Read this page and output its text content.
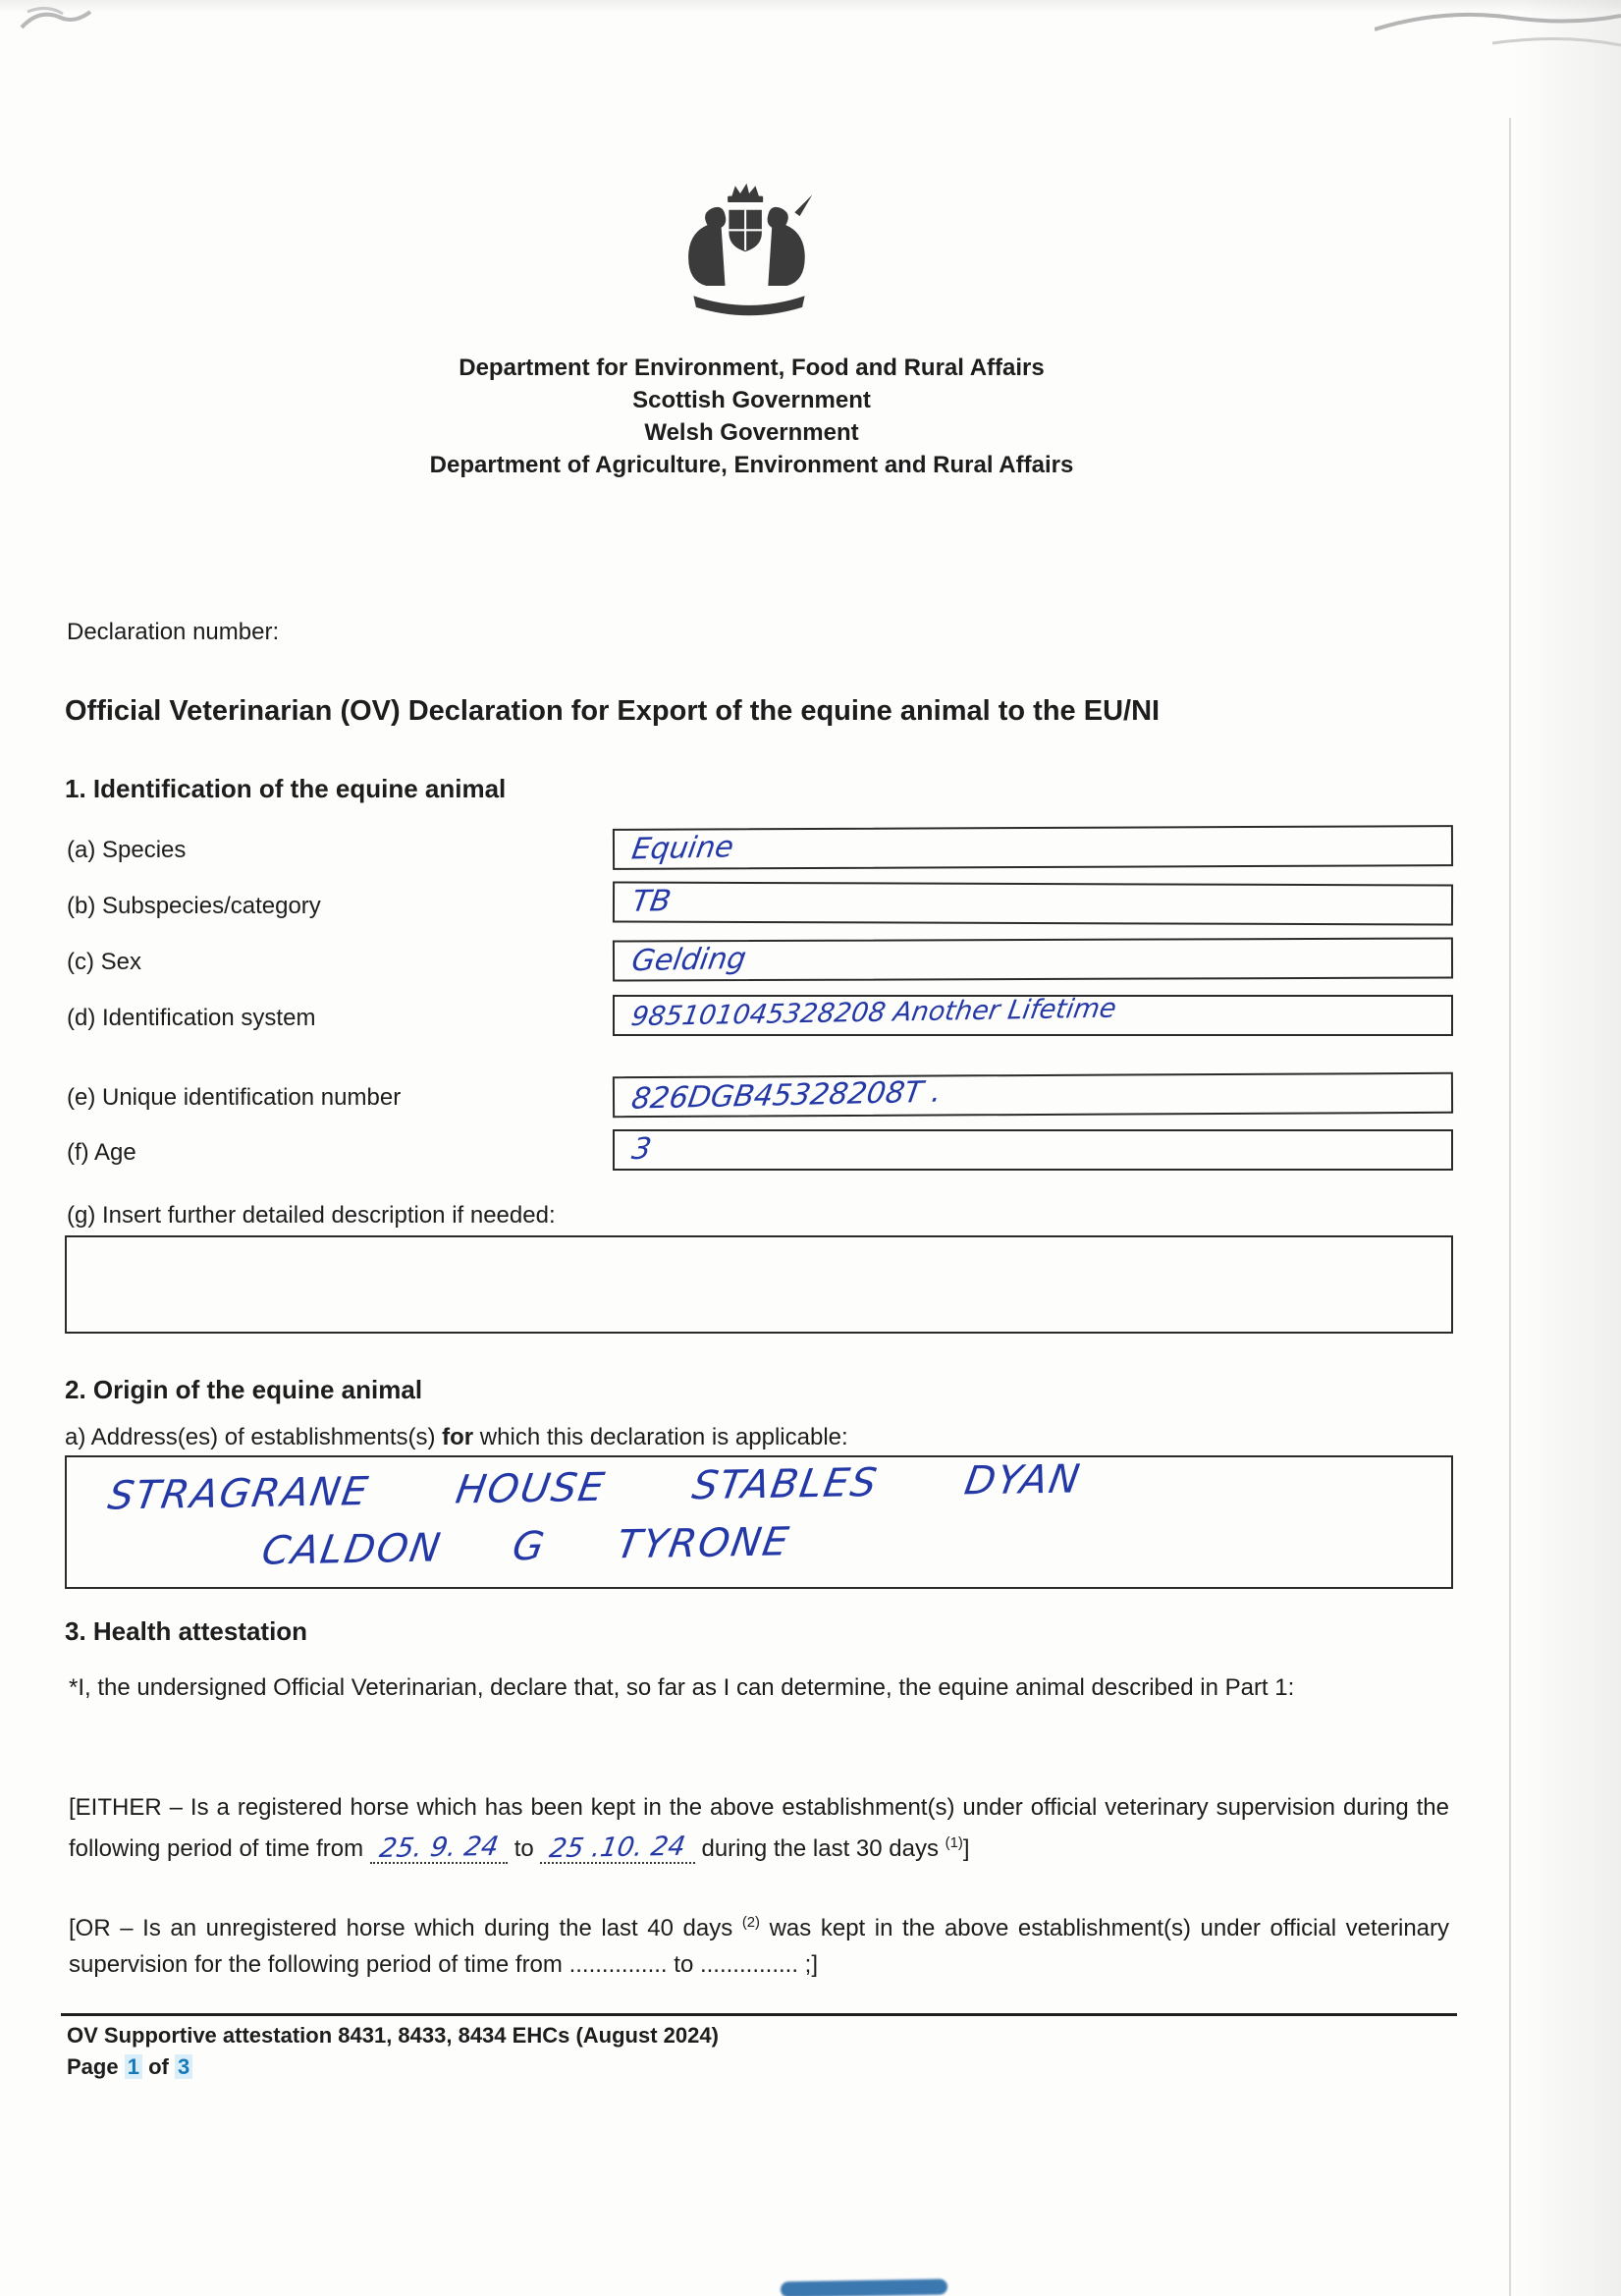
Department for Environment, Food and Rural Affairs
Scottish Government
Welsh Government
Department of Agriculture, Environment and Rural Affairs
Declaration number:
Official Veterinarian (OV) Declaration for Export of the equine animal to the EU/NI
1. Identification of the equine animal
(a) Species	Equine
(b) Subspecies/category	TB
(c) Sex	Gelding
(d) Identification system	985101045328208 Another Lifetime
(e) Unique identification number	826DGB45328208T .
(f) Age	3
(g) Insert further detailed description if needed:
2. Origin of the equine animal

a) Address(es) of establishments(s) for which this declaration is applicable:

STRAGRANE HOUSE STABLES DYAN
CALDON G TYRONE
3. Health attestation

*I, the undersigned Official Veterinarian, declare that, so far as I can determine, the equine animal described in Part 1:

[EITHER – Is a registered horse which has been kept in the above establishment(s) under official veterinary supervision during the following period of time from 25. 9. 24 to 25 .10. 24 during the last 30 days $^{(1)}$]

[OR – Is an unregistered horse which during the last 40 days $^{(2)}$ was kept in the above establishment(s) under official veterinary supervision for the following period of time from ............... to ............... ;]

OV Supportive attestation 8431, 8433, 8434 EHCs (August 2024)
Page 1 of 3
